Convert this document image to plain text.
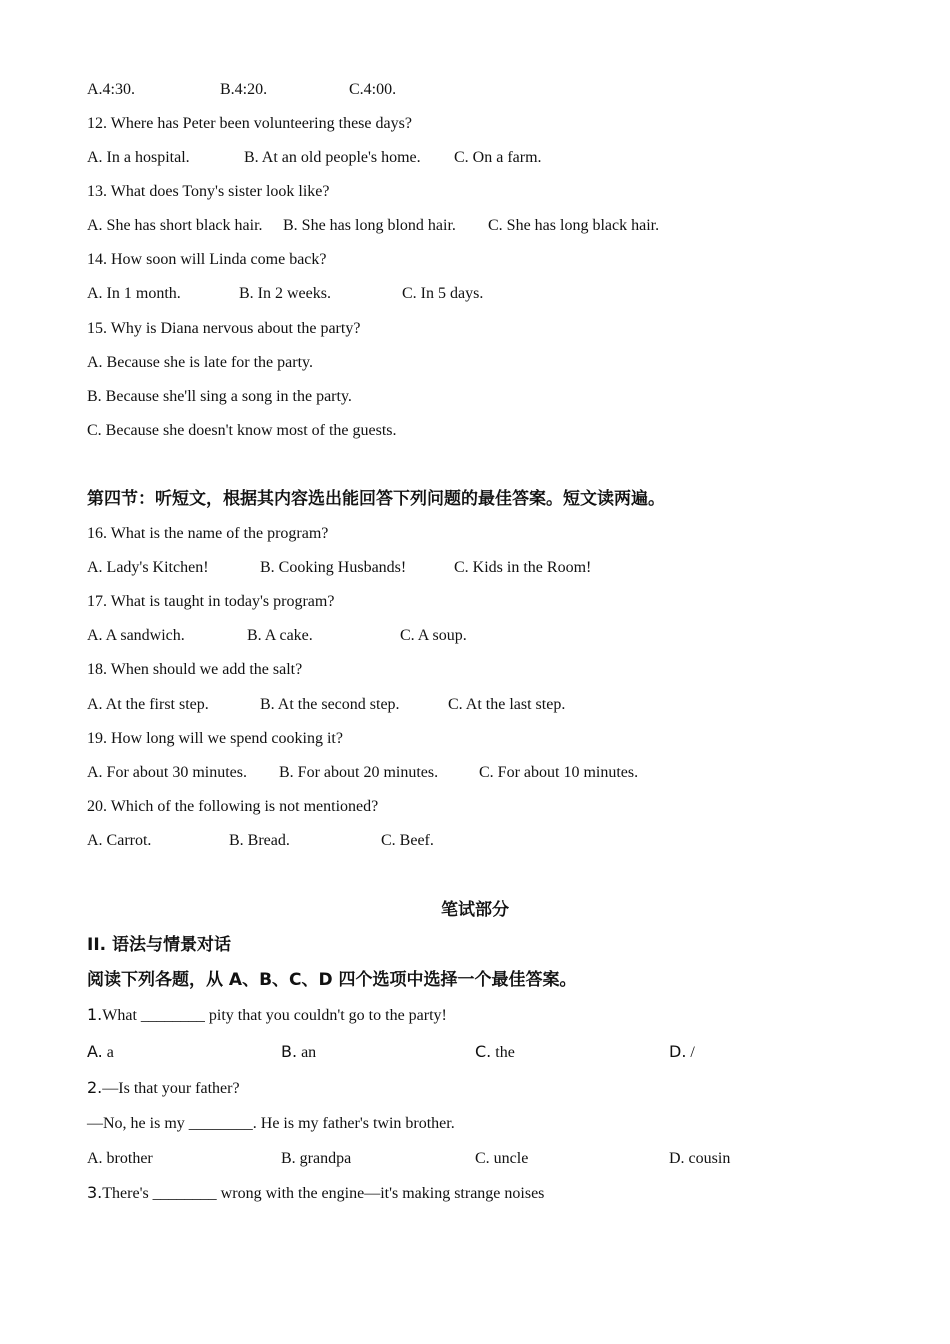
A.4:30.	B.4:20.	C.4:00.
12. Where has Peter been volunteering these days?
A. In a hospital.	B. At an old people's home. C. On a farm.
13. What does Tony's sister look like?
A. She has short black hair. B. She has long blond hair. C. She has long black hair.
14. How soon will Linda come back?
A. In 1 month.	B. In 2 weeks.	C. In 5 days.
15. Why is Diana nervous about the party?
A. Because she is late for the party.
B. Because she'll sing a song in the party.
C. Because she doesn't know most of the guests.
第四节：听短文，根据其内容选出能回答下列问题的最佳答案。短文读两遍。
16. What is the name of the program?
A. Lady's Kitchen!	B. Cooking Husbands!	C. Kids in the Room!
17. What is taught in today's program?
A. A sandwich.	B. A cake.	C. A soup.
18. When should we add the salt?
A. At the first step.	B. At the second step.	C. At the last step.
19. How long will we spend cooking it?
A. For about 30 minutes. B. For about 20 minutes.	C. For about 10 minutes.
20. Which of the following is not mentioned?
A. Carrot.	B. Bread.	C. Beef.
笔试部分
II. 语法与情景对话
阅读下列各题，从 A、B、C、D 四个选项中选择一个最佳答案。
1.What ________ pity that you couldn't go to the party!
A. a	B. an	C. the	D. /
2.—Is that your father?
—No, he is my ________. He is my father's twin brother.
A. brother	B. grandpa	C. uncle	D. cousin
3.There's ________ wrong with the engine—it's making strange noises
